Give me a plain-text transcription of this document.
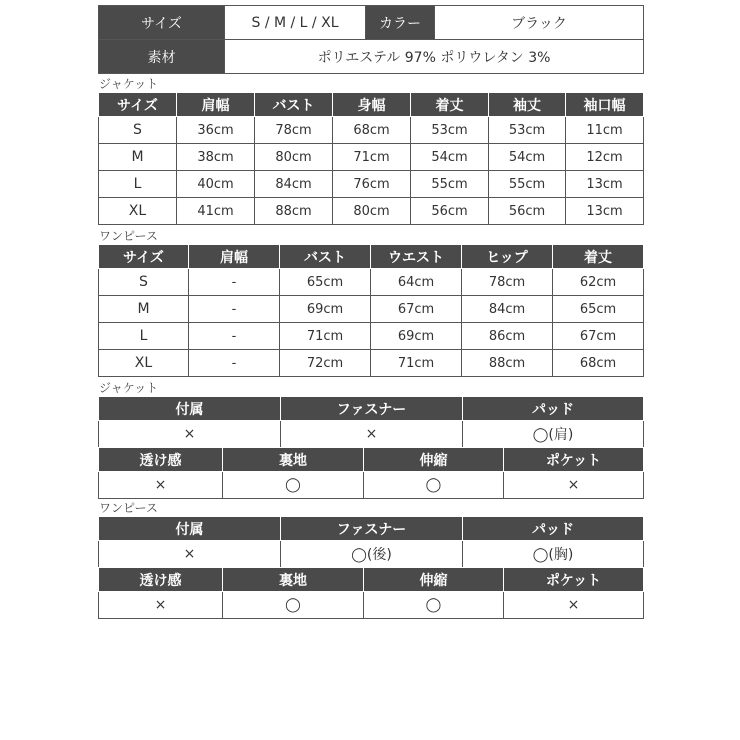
サイズ	S / M / L / XL	カラー	ブラック
素材	ポリエステル 97% ポリウレタン 3%		
ジャケット
サイズ	肩幅	バスト	身幅	着丈	袖丈	袖口幅
S	36cm	78cm	68cm	53cm	53cm	11cm
M	38cm	80cm	71cm	54cm	54cm	12cm
L	40cm	84cm	76cm	55cm	55cm	13cm
XL	41cm	88cm	80cm	56cm	56cm	13cm
ワンピース
サイズ	肩幅	バスト	ウエスト	ヒップ	着丈
S	-	65cm	64cm	78cm	62cm
M	-	69cm	67cm	84cm	65cm
L	-	71cm	69cm	86cm	67cm
XL	-	72cm	71cm	88cm	68cm
ジャケット
付属	ファスナー	パッド
×	×	◯(肩)
透け感	裏地	伸縮	ポケット
×	◯	◯	×
ワンピース
付属	ファスナー	パッド
×	◯(後)	◯(胸)
透け感	裏地	伸縮	ポケット
×	◯	◯	×
